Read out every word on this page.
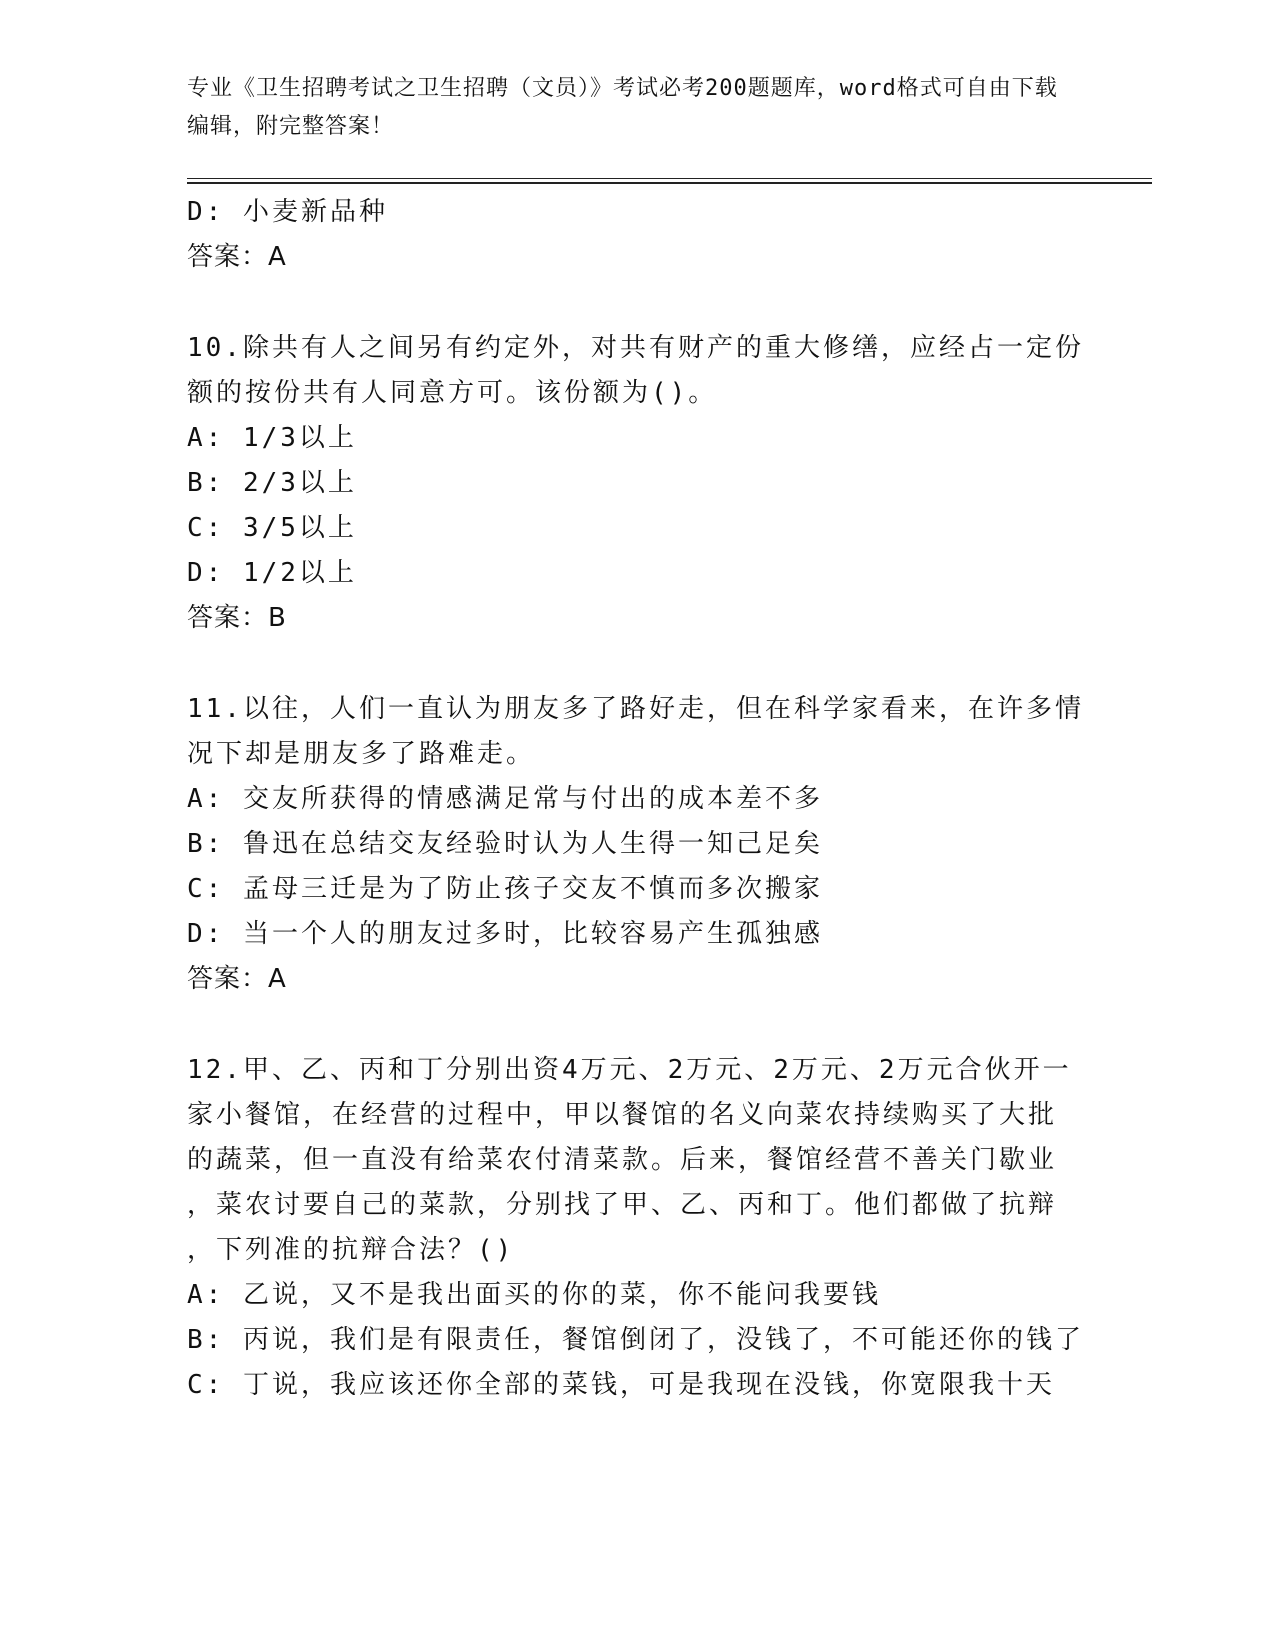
专业《卫生招聘考试之卫生招聘（文员）》考试必考200题题库，word格式可自由下载编辑，附完整答案！
D: 小麦新品种
答案：A
10.除共有人之间另有约定外，对共有财产的重大修缮，应经占一定份
额的按份共有人同意方可。该份额为()。
A: 1/3以上
B: 2/3以上
C: 3/5以上
D: 1/2以上
答案：B
11.以往，人们一直认为朋友多了路好走，但在科学家看来，在许多情
况下却是朋友多了路难走。
A: 交友所获得的情感满足常与付出的成本差不多
B: 鲁迅在总结交友经验时认为人生得一知己足矣
C: 孟母三迁是为了防止孩子交友不慎而多次搬家
D: 当一个人的朋友过多时，比较容易产生孤独感
答案：A
12.甲、乙、丙和丁分别出资4万元、2万元、2万元、2万元合伙开一
家小餐馆，在经营的过程中，甲以餐馆的名义向菜农持续购买了大批
的蔬菜，但一直没有给菜农付清菜款。后来，餐馆经营不善关门歇业
，菜农讨要自己的菜款，分别找了甲、乙、丙和丁。他们都做了抗辩
，下列准的抗辩合法？()
A: 乙说，又不是我出面买的你的菜，你不能问我要钱
B: 丙说，我们是有限责任，餐馆倒闭了，没钱了，不可能还你的钱了
C: 丁说，我应该还你全部的菜钱，可是我现在没钱，你宽限我十天
